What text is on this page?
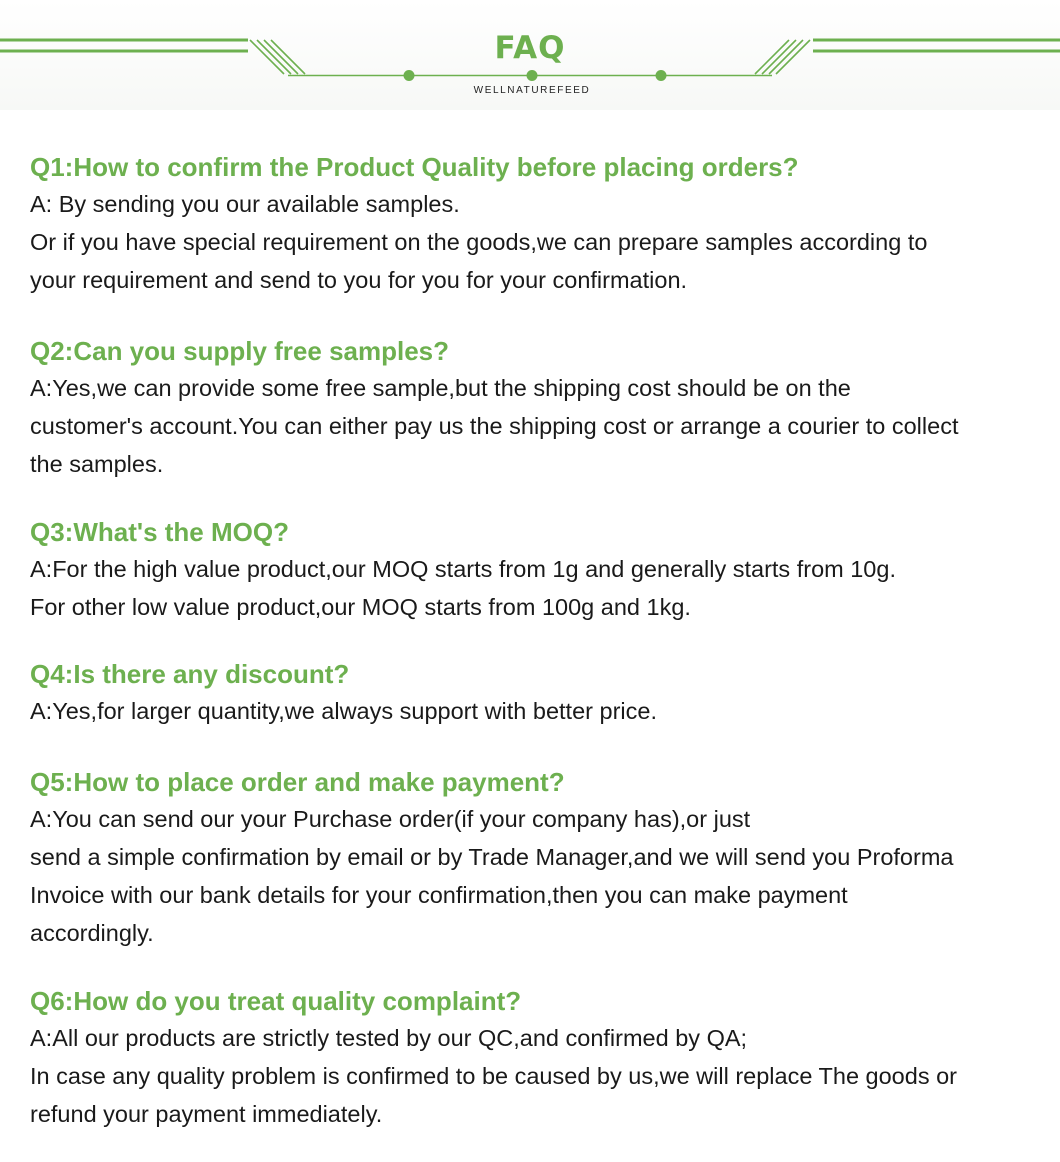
FAQ
WELLNATUREFEED
Q1:How to confirm the Product Quality before placing orders?

A: By sending you our available samples.
Or if you have special requirement on the goods,we can prepare samples according to
your requirement and send to you for you for your confirmation.

Q2:Can you supply free samples?

A:Yes,we can provide some free sample,but the shipping cost should be on the
customer's account.You can either pay us the shipping cost or arrange a courier to collect
the samples.

Q3:What's the MOQ?

A:For the high value product,our MOQ starts from 1g and generally starts from 10g.
For other low value product,our MOQ starts from 100g and 1kg.

Q4:Is there any discount?

A:Yes,for larger quantity,we always support with better price.

Q5:How to place order and make payment?

A:You can send our your Purchase order(if your company has),or just
send a simple confirmation by email or by Trade Manager,and we will send you Proforma
Invoice with our bank details for your confirmation,then you can make payment
accordingly.

Q6:How do you treat quality complaint?

A:All our products are strictly tested by our QC,and confirmed by QA;
In case any quality problem is confirmed to be caused by us,we will replace The goods or
refund your payment immediately.
